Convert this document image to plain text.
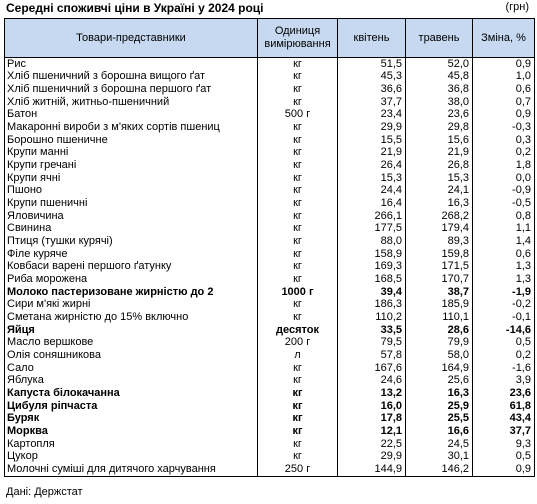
Середні споживчі ціни в Україні у 2024 році	(грн)
Товари-представники	Одиниця вимірювання	квітень	травень	Зміна, %
Рис	кг	51,5	52,0	0,9
Хліб пшеничний з борошна вищого ґат	кг	45,3	45,8	1,0
Хліб пшеничний з борошна першого ґат	кг	36,6	36,8	0,6
Хліб житній, житньо-пшеничний	кг	37,7	38,0	0,7
Батон	500 г	23,4	23,6	0,9
Макаронні вироби з м'яких сортів пшениц	кг	29,9	29,8	-0,3
Борошно пшеничне	кг	15,5	15,6	0,3
Крупи манні	кг	21,9	21,9	0,2
Крупи гречані	кг	26,4	26,8	1,8
Крупи ячні	кг	15,3	15,3	0,0
Пшоно	кг	24,4	24,1	-0,9
Крупи пшеничні	кг	16,4	16,3	-0,5
Яловичина	кг	266,1	268,2	0,8
Свинина	кг	177,5	179,4	1,1
Птиця (тушки курячі)	кг	88,0	89,3	1,4
Філе куряче	кг	158,9	159,8	0,6
Ковбаси варені першого ґатунку	кг	169,3	171,5	1,3
Риба морожена	кг	168,5	170,7	1,3
Молоко пастеризоване жирністю до 2	1000 г	39,4	38,7	-1,9
Сири м'які жирні	кг	186,3	185,9	-0,2
Сметана жирністю до 15% включно	кг	110,2	110,1	-0,1
Яйця	десяток	33,5	28,6	-14,6
Масло вершкове	200 г	79,5	79,9	0,5
Олія соняшникова	л	57,8	58,0	0,2
Сало	кг	167,6	164,9	-1,6
Яблука	кг	24,6	25,6	3,9
Капуста білокачанна	кг	13,2	16,3	23,6
Цибуля ріпчаста	кг	16,0	25,9	61,8
Буряк	кг	17,8	25,5	43,4
Морква	кг	12,1	16,6	37,7
Картопля	кг	22,5	24,5	9,3
Цукор	кг	29,9	30,1	0,5
Молочні суміші для дитячого харчування	250 г	144,9	146,2	0,9
Дані: Держстат
